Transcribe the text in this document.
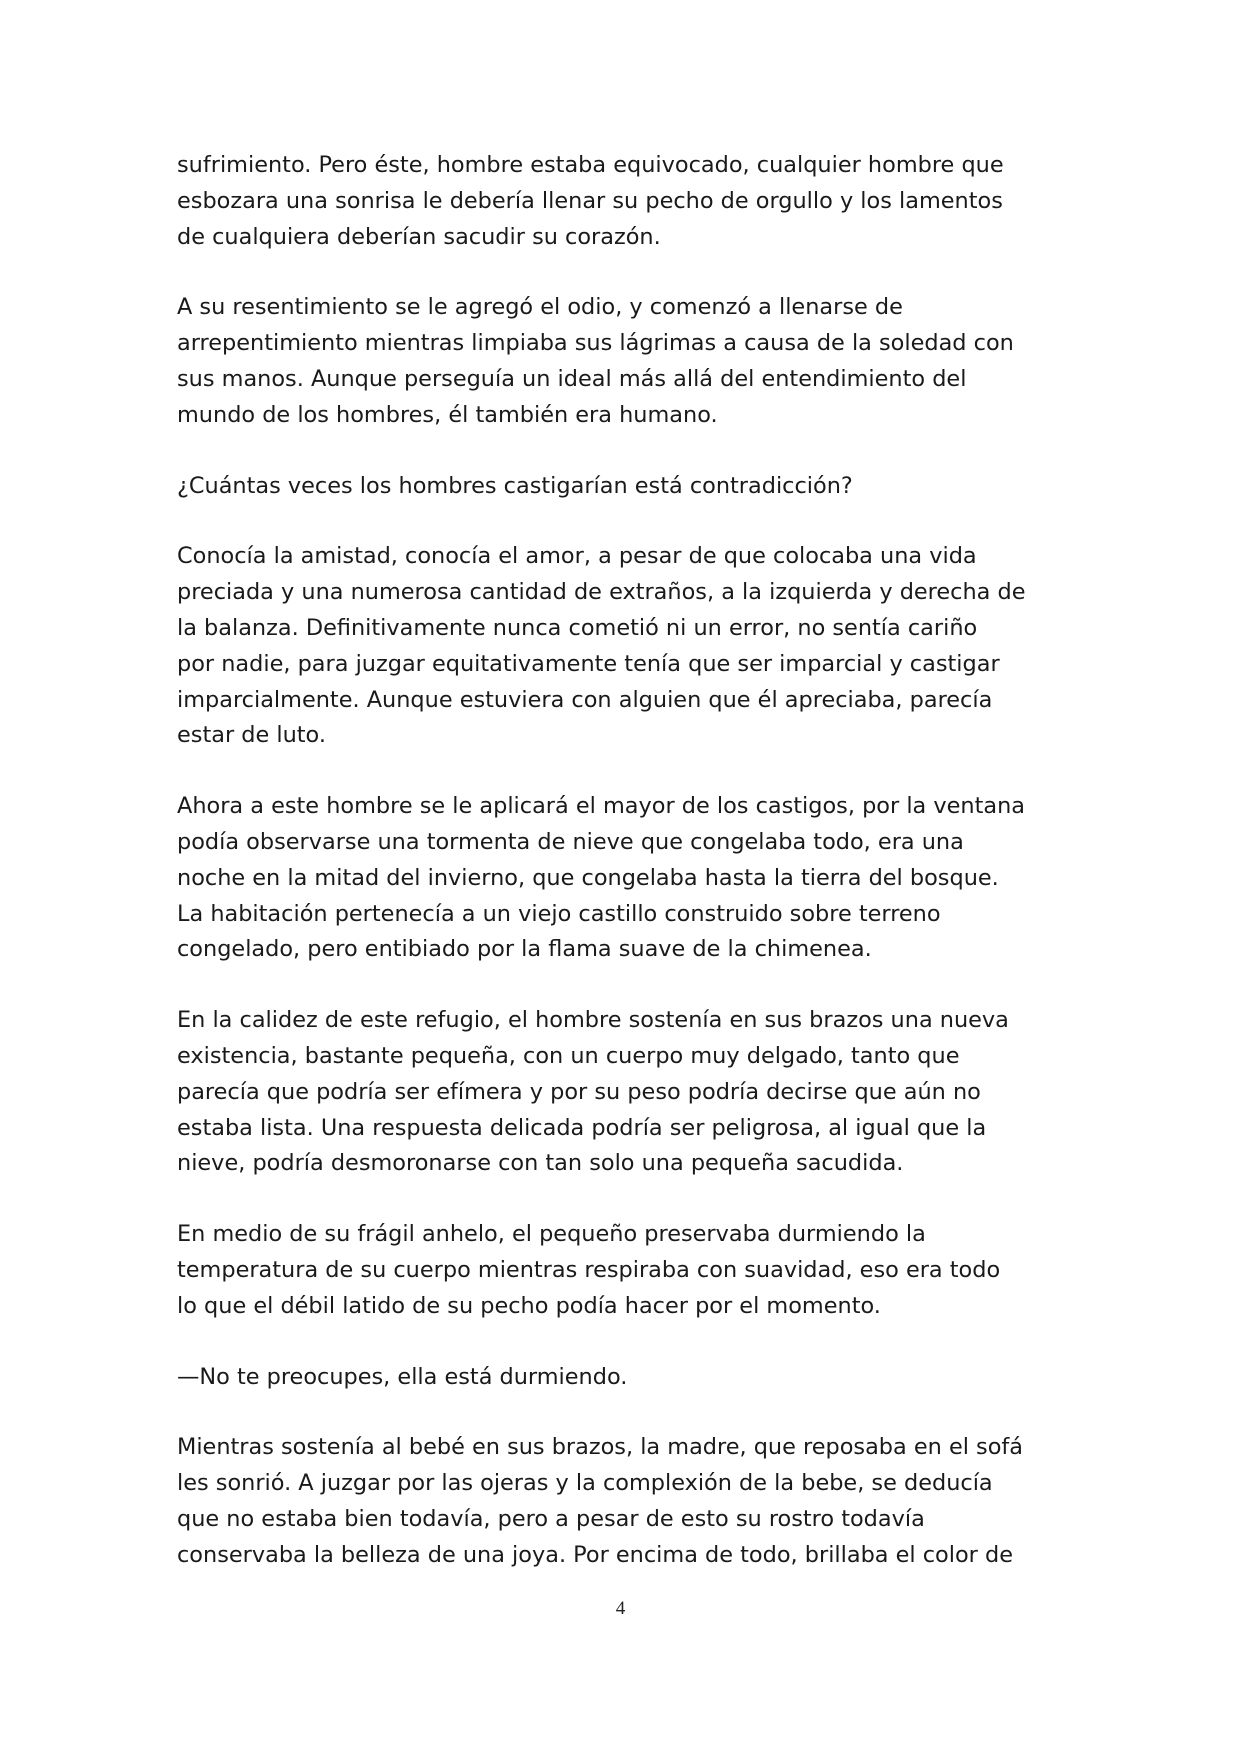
sufrimiento. Pero éste, hombre estaba equivocado, cualquier hombre que
esbozara una sonrisa le debería llenar su pecho de orgullo y los lamentos
de cualquiera deberían sacudir su corazón.

A su resentimiento se le agregó el odio, y comenzó a llenarse de
arrepentimiento mientras limpiaba sus lágrimas a causa de la soledad con
sus manos. Aunque perseguía un ideal más allá del entendimiento del
mundo de los hombres, él también era humano.

¿Cuántas veces los hombres castigarían está contradicción?

Conocía la amistad, conocía el amor, a pesar de que colocaba una vida
preciada y una numerosa cantidad de extraños, a la izquierda y derecha de
la balanza. Definitivamente nunca cometió ni un error, no sentía cariño
por nadie, para juzgar equitativamente tenía que ser imparcial y castigar
imparcialmente. Aunque estuviera con alguien que él apreciaba, parecía
estar de luto.

Ahora a este hombre se le aplicará el mayor de los castigos, por la ventana
podía observarse una tormenta de nieve que congelaba todo, era una
noche en la mitad del invierno, que congelaba hasta la tierra del bosque.
La habitación pertenecía a un viejo castillo construido sobre terreno
congelado, pero entibiado por la flama suave de la chimenea.

En la calidez de este refugio, el hombre sostenía en sus brazos una nueva
existencia, bastante pequeña, con un cuerpo muy delgado, tanto que
parecía que podría ser efímera y por su peso podría decirse que aún no
estaba lista. Una respuesta delicada podría ser peligrosa, al igual que la
nieve, podría desmoronarse con tan solo una pequeña sacudida.

En medio de su frágil anhelo, el pequeño preservaba durmiendo la
temperatura de su cuerpo mientras respiraba con suavidad, eso era todo
lo que el débil latido de su pecho podía hacer por el momento.

—No te preocupes, ella está durmiendo.

Mientras sostenía al bebé en sus brazos, la madre, que reposaba en el sofá
les sonrió. A juzgar por las ojeras y la complexión de la bebe, se deducía
que no estaba bien todavía, pero a pesar de esto su rostro todavía
conservaba la belleza de una joya. Por encima de todo, brillaba el color de

4
